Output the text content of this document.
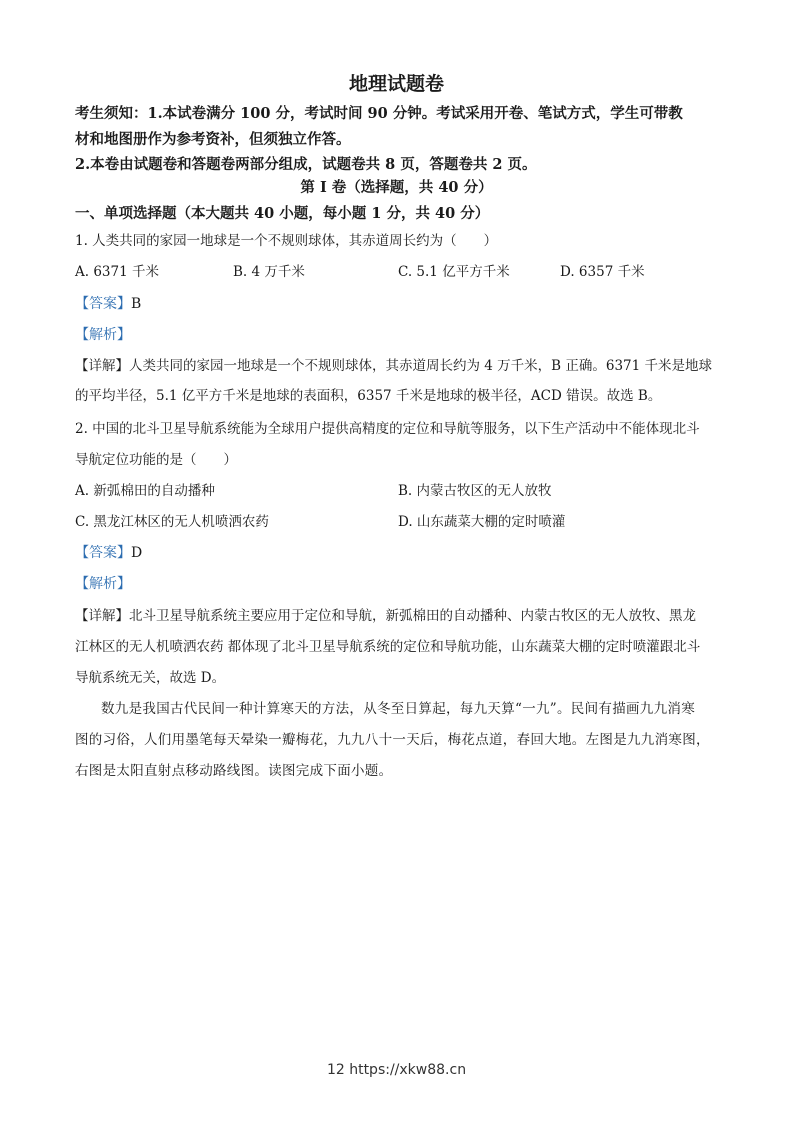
地理试题卷
考生须知：1.本试卷满分 100 分，考试时间 90 分钟。考试采用开卷、笔试方式，学生可带教
材和地图册作为参考资补，但须独立作答。
2.本卷由试题卷和答题卷两部分组成，试题卷共 8 页，答题卷共 2 页。
第 I 卷（选择题，共 40 分）
一、单项选择题（本大题共 40 小题，每小题 1 分，共 40 分）
1. 人类共同的家园一地球是一个不规则球体，其赤道周长约为（　　）
A. 6371 千米	B. 4 万千米	C. 5.1 亿平方千米	D. 6357 千米
【答案】B
【解析】
【详解】人类共同的家园一地球是一个不规则球体，其赤道周长约为 4 万千米，B 正确。6371 千米是地球
的平均半径，5.1 亿平方千米是地球的表面积，6357 千米是地球的极半径，ACD 错误。故选 B。
2. 中国的北斗卫星导航系统能为全球用户提供高精度的定位和导航等服务，以下生产活动中不能体现北斗
导航定位功能的是（　　）
A. 新弧棉田的自动播种	B. 内蒙古牧区的无人放牧
C. 黑龙江林区的无人机喷洒农药	D. 山东蔬菜大棚的定时喷灌
【答案】D
【解析】
【详解】北斗卫星导航系统主要应用于定位和导航，新弧棉田的自动播种、内蒙古牧区的无人放牧、黑龙
江林区的无人机喷洒农药 都体现了北斗卫星导航系统的定位和导航功能，山东蔬菜大棚的定时喷灌跟北斗
导航系统无关，故选 D。
数九是我国古代民间一种计算寒天的方法，从冬至日算起，每九天算“一九”。民间有描画九九消寒
图的习俗，人们用墨笔每天晕染一瓣梅花，九九八十一天后，梅花点道，春回大地。左图是九九消寒图，
右图是太阳直射点移动路线图。读图完成下面小题。
12 https://xkw88.cn
